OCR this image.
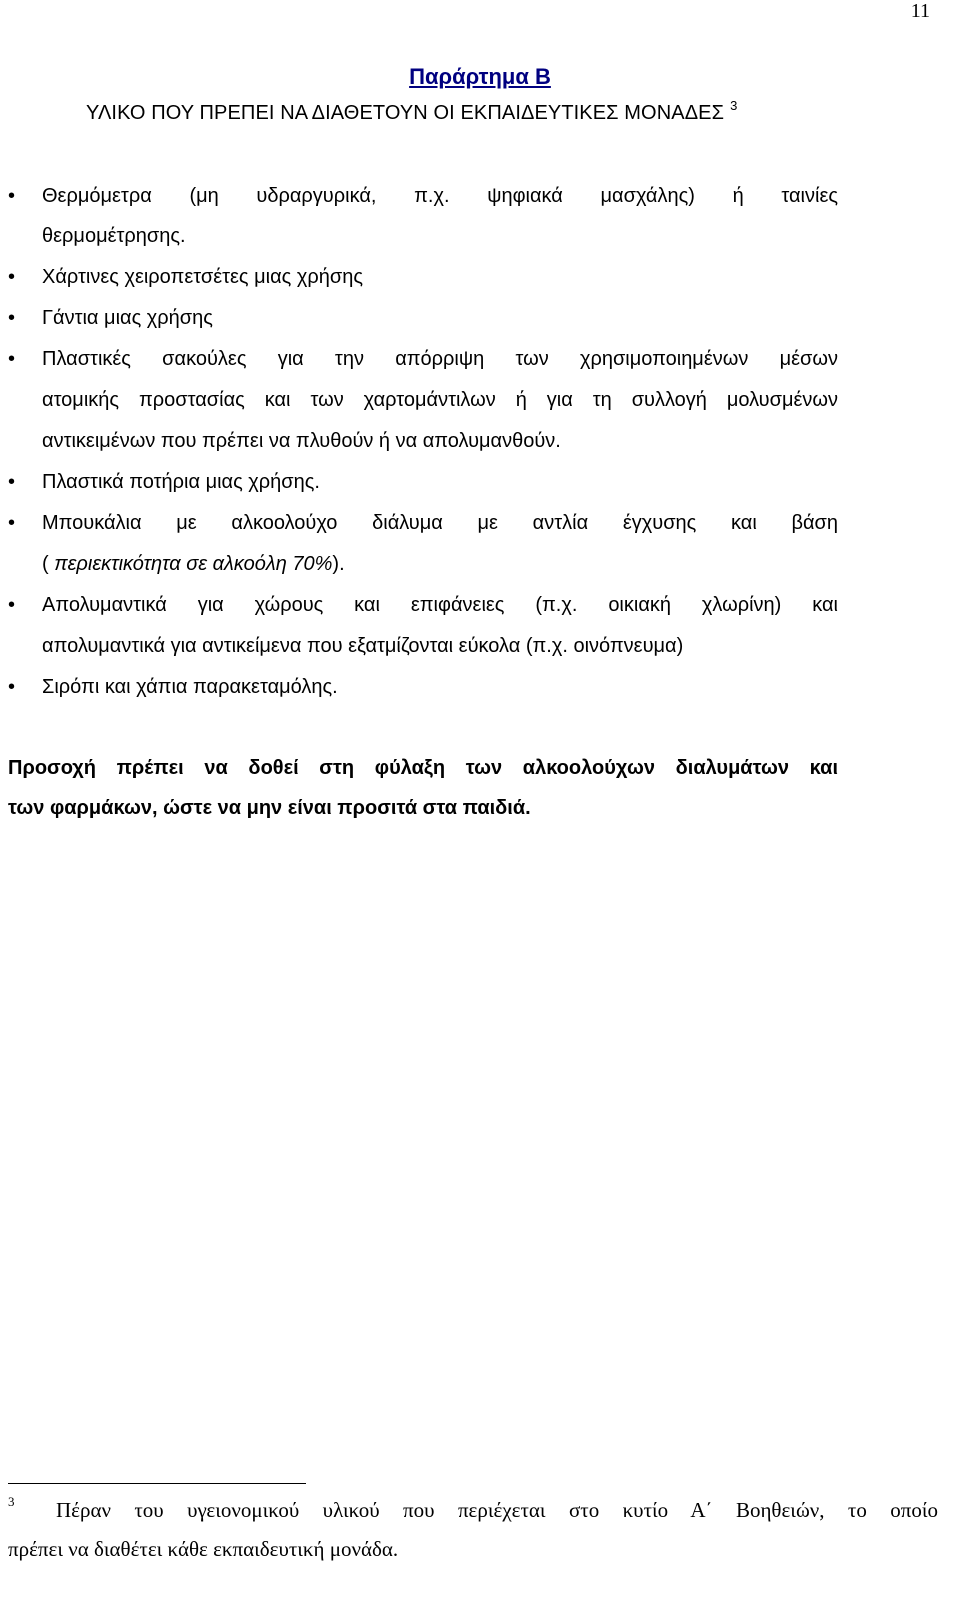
11
Παράρτημα Β
ΥΛΙΚΟ ΠΟΥ ΠΡΕΠΕΙ ΝΑ ΔΙΑΘΕΤΟΥΝ ΟΙ ΕΚΠΑΙΔΕΥΤΙΚΕΣ ΜΟΝΑΔΕΣ $^3$
• Θερμόμετρα (μη υδραργυρικά, π.χ. ψηφιακά μασχάλης) ή ταινίες
θερμομέτρησης.
• Χάρτινες χειροπετσέτες μιας χρήσης
• Γάντια μιας χρήσης
• Πλαστικές σακούλες για την απόρριψη των χρησιμοποιημένων μέσων
ατομικής προστασίας και των χαρτομάντιλων ή για τη συλλογή μολυσμένων
αντικειμένων που πρέπει να πλυθούν ή να απολυμανθούν.
• Πλαστικά ποτήρια μιας χρήσης.
• Μπουκάλια με αλκοολούχο διάλυμα με αντλία έγχυσης και βάση
( περιεκτικότητα σε αλκοόλη 70%).
• Απολυμαντικά για χώρους και επιφάνειες (π.χ. οικιακή χλωρίνη) και
απολυμαντικά για αντικείμενα που εξατμίζονται εύκολα (π.χ. οινόπνευμα)
• Σιρόπι και χάπια παρακεταμόλης.
Προσοχή πρέπει να δοθεί στη φύλαξη των αλκοολούχων διαλυμάτων και
των φαρμάκων, ώστε να μην είναι προσιτά στα παιδιά.
3 Πέραν του υγειονομικού υλικού που περιέχεται στο κυτίο Α΄ Βοηθειών, το οποίο
πρέπει να διαθέτει κάθε εκπαιδευτική μονάδα.
